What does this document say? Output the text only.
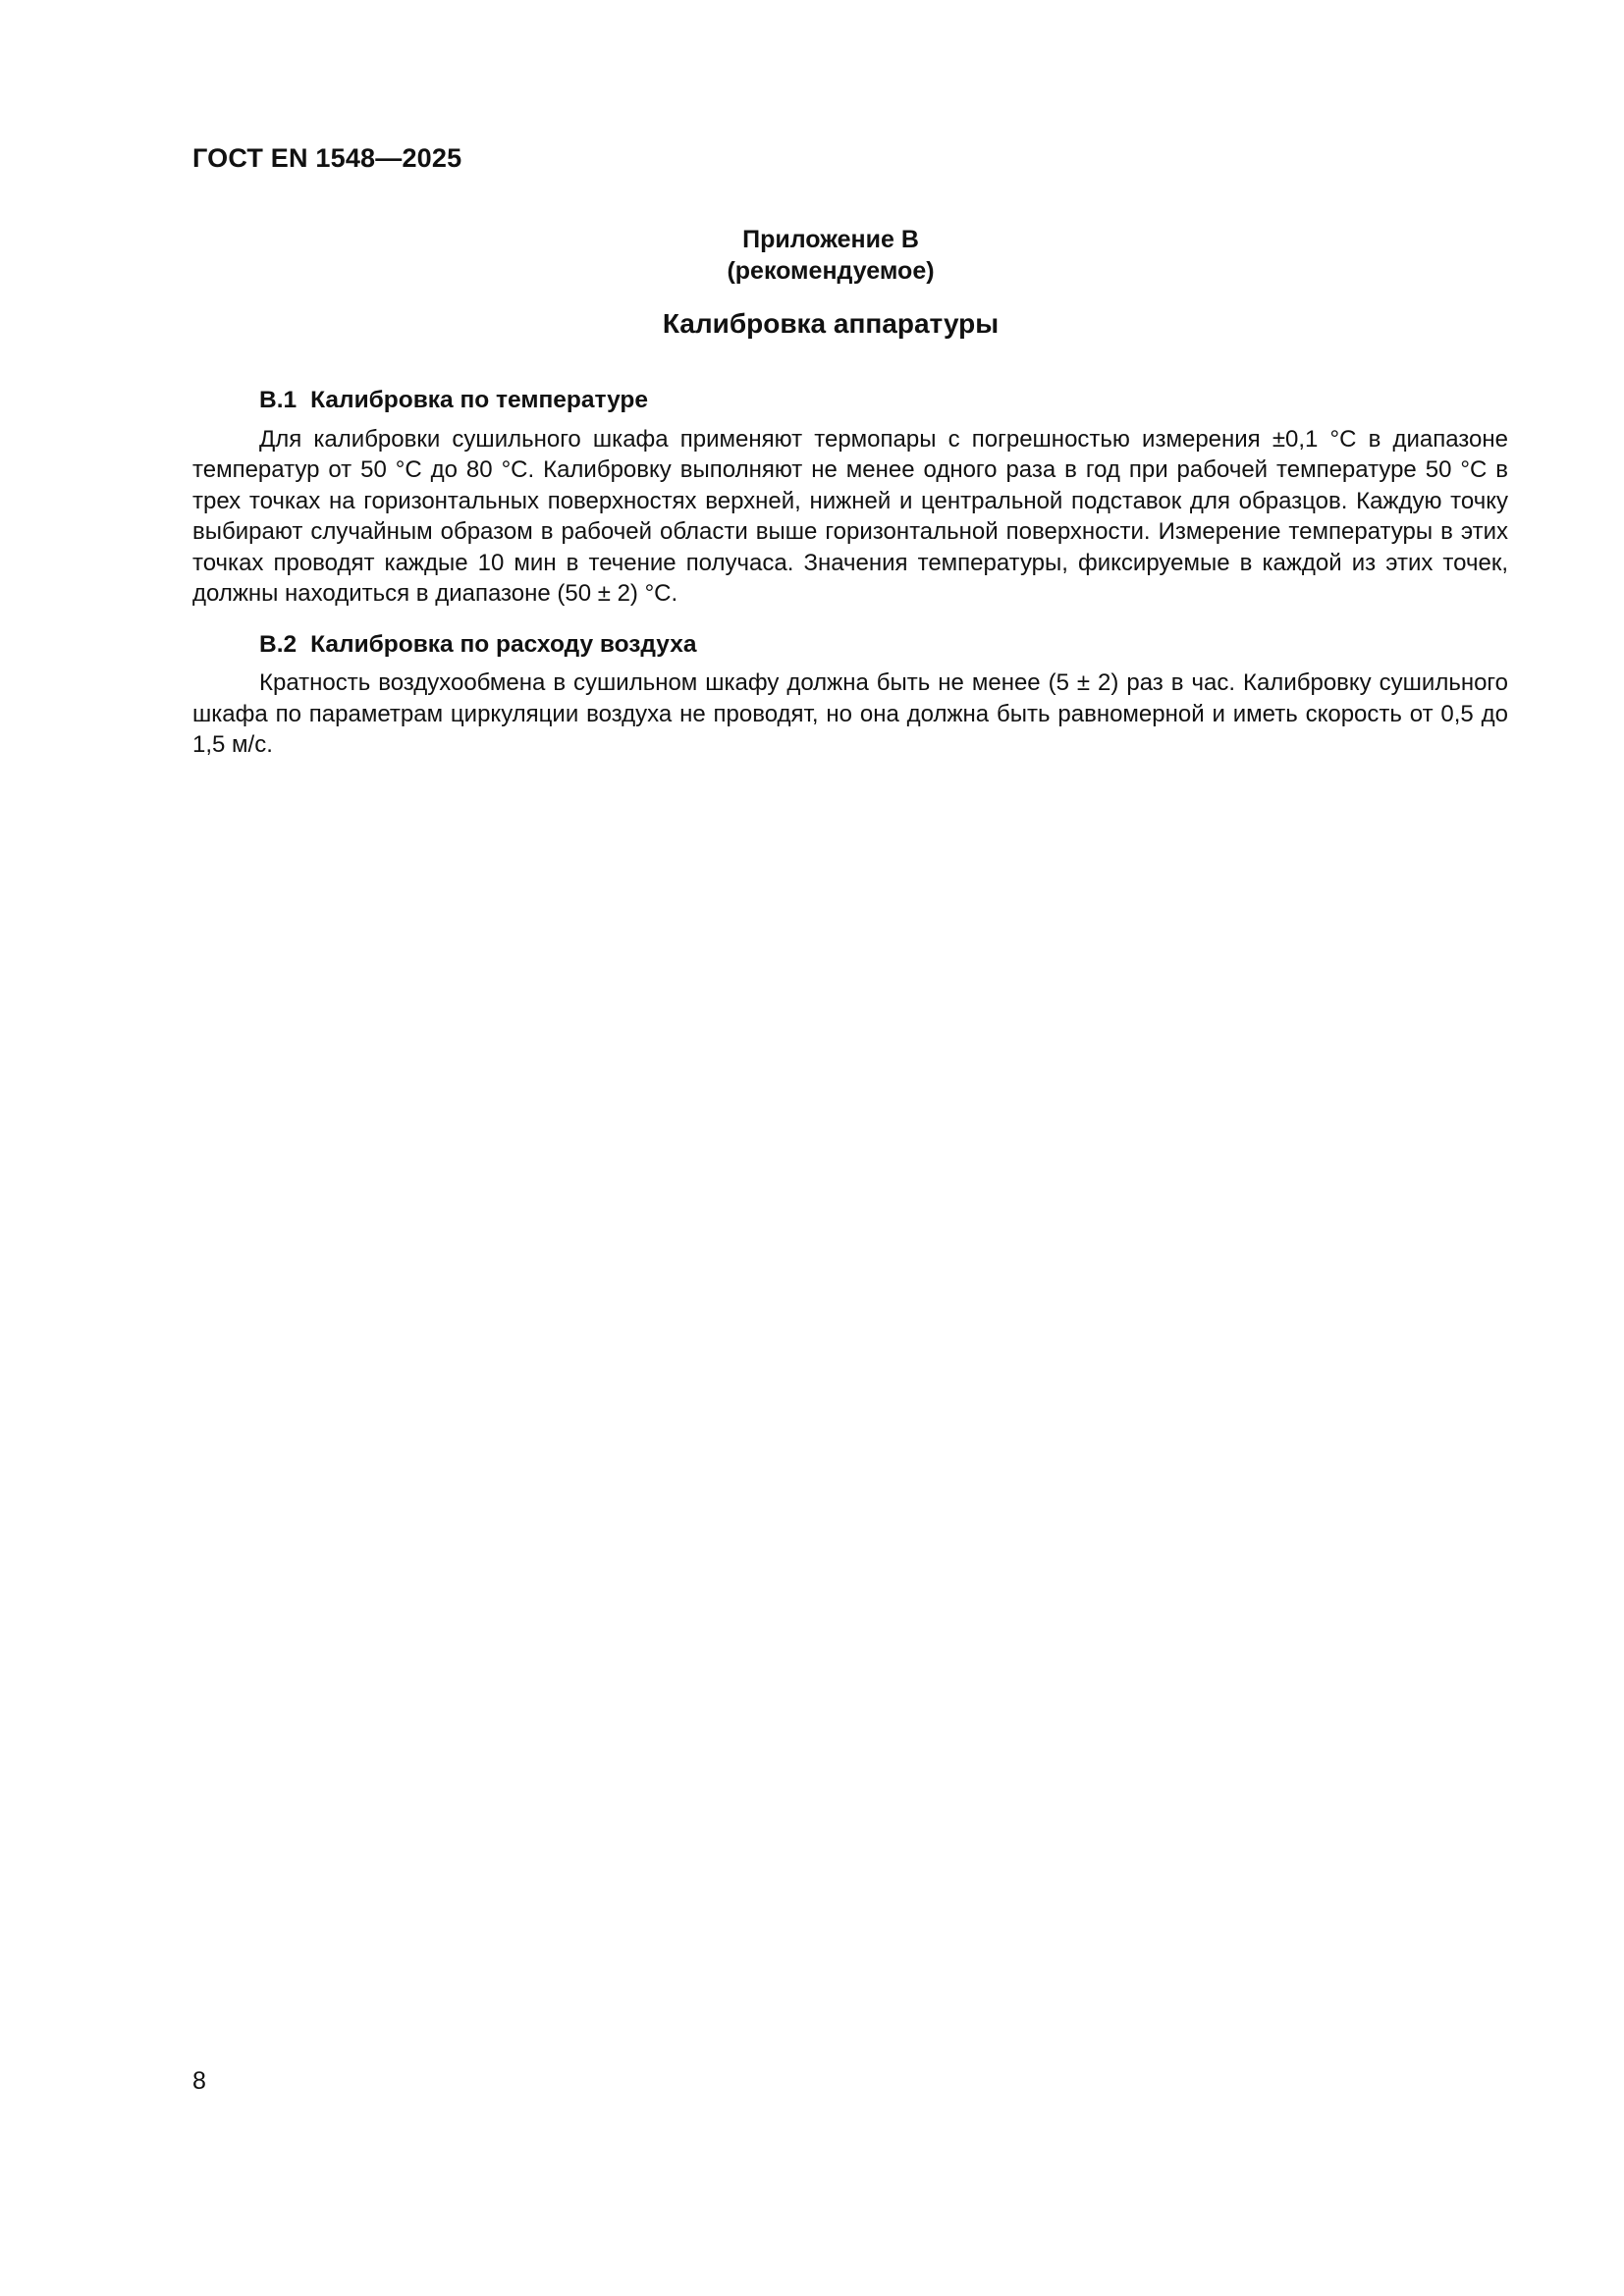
ГОСТ EN 1548—2025
Приложение В
(рекомендуемое)
Калибровка аппаратуры
В.1 Калибровка по температуре

Для калибровки сушильного шкафа применяют термопары с погрешностью измерения ±0,1 °С в диапазоне температур от 50 °С до 80 °С. Калибровку выполняют не менее одного раза в год при рабочей температуре 50 °С в трех точках на горизонтальных поверхностях верхней, нижней и центральной подставок для образцов. Каждую точку выбирают случайным образом в рабочей области выше горизонтальной поверхности. Измерение температуры в этих точках проводят каждые 10 мин в течение получаса. Значения температуры, фиксируемые в каждой из этих точек, должны находиться в диапазоне (50 ± 2) °С.

В.2 Калибровка по расходу воздуха

Кратность воздухообмена в сушильном шкафу должна быть не менее (5 ± 2) раз в час. Калибровку сушильного шкафа по параметрам циркуляции воздуха не проводят, но она должна быть равномерной и иметь скорость от 0,5 до 1,5 м/с.

8
